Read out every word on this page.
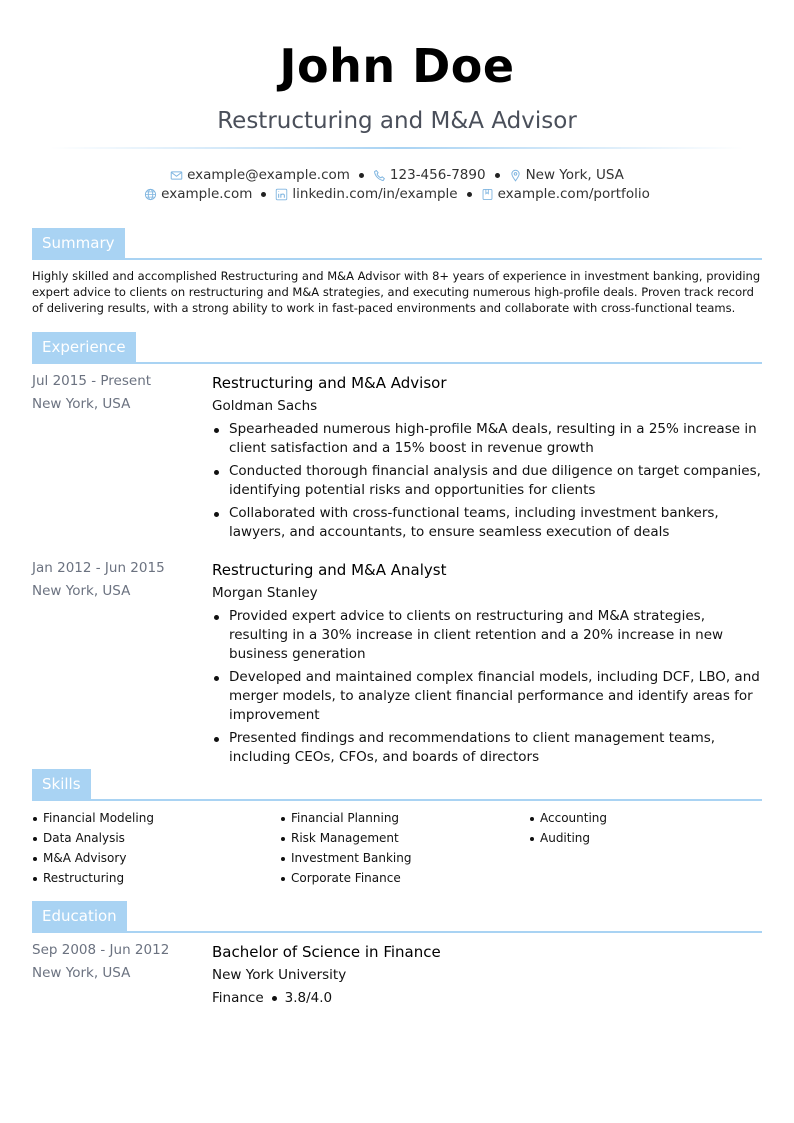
John Doe
Restructuring and M&A Advisor
example@example.com	123-456-7890	New York, USA
example.com	linkedin.com/in/example	example.com/portfolio
Summary
Highly skilled and accomplished Restructuring and M&A Advisor with 8+ years of experience in investment banking, providing expert advice to clients on restructuring and M&A strategies, and executing numerous high-profile deals. Proven track record of delivering results, with a strong ability to work in fast-paced environments and collaborate with cross-functional teams.
Experience
Jul 2015 - Present
New York, USA
Restructuring and M&A Advisor
Goldman Sachs
Spearheaded numerous high-profile M&A deals, resulting in a 25% increase in client satisfaction and a 15% boost in revenue growth
Conducted thorough financial analysis and due diligence on target companies, identifying potential risks and opportunities for clients
Collaborated with cross-functional teams, including investment bankers, lawyers, and accountants, to ensure seamless execution of deals
Jan 2012 - Jun 2015
New York, USA
Restructuring and M&A Analyst
Morgan Stanley
Provided expert advice to clients on restructuring and M&A strategies, resulting in a 30% increase in client retention and a 20% increase in new business generation
Developed and maintained complex financial models, including DCF, LBO, and merger models, to analyze client financial performance and identify areas for improvement
Presented findings and recommendations to client management teams, including CEOs, CFOs, and boards of directors
Skills
Financial Modeling
Data Analysis
M&A Advisory
Restructuring
Financial Planning
Risk Management
Investment Banking
Corporate Finance
Accounting
Auditing
Education
Sep 2008 - Jun 2012
New York, USA
Bachelor of Science in Finance
New York University
Finance 3.8/4.0
